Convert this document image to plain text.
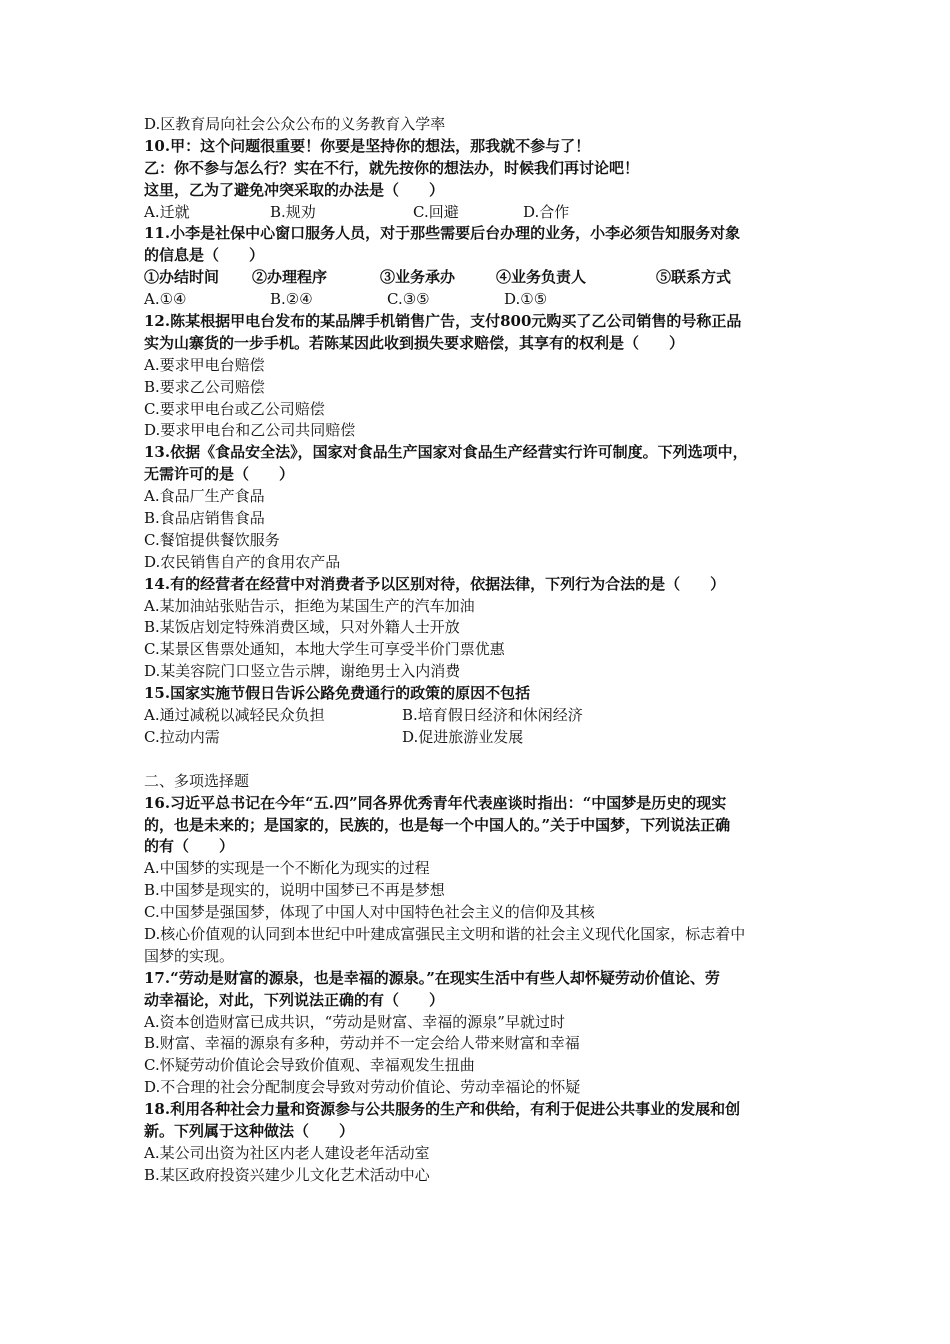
D.区教育局向社会公众公布的义务教育入学率
10.甲：这个问题很重要！你要是坚持你的想法，那我就不参与了！
乙：你不参与怎么行？实在不行，就先按你的想法办，时候我们再讨论吧！
这里，乙为了避免冲突采取的办法是（　　）
A.迁就	B.规劝	C.回避	D.合作
11.小李是社保中心窗口服务人员，对于那些需要后台办理的业务，小李必须告知服务对象
的信息是（　　）
①办结时间	②办理程序	③业务承办	④业务负责人	⑤联系方式
A.①④	B.②④	C.③⑤	D.①⑤
12.陈某根据甲电台发布的某品牌手机销售广告，支付800元购买了乙公司销售的号称正品
实为山寨货的一步手机。若陈某因此收到损失要求赔偿，其享有的权利是（　　）
A.要求甲电台赔偿
B.要求乙公司赔偿
C.要求甲电台或乙公司赔偿
D.要求甲电台和乙公司共同赔偿
13.依据《食品安全法》，国家对食品生产国家对食品生产经营实行许可制度。下列选项中，
无需许可的是（　　）
A.食品厂生产食品
B.食品店销售食品
C.餐馆提供餐饮服务
D.农民销售自产的食用农产品
14.有的经营者在经营中对消费者予以区别对待，依据法律，下列行为合法的是（　　）
A.某加油站张贴告示，拒绝为某国生产的汽车加油
B.某饭店划定特殊消费区域，只对外籍人士开放
C.某景区售票处通知，本地大学生可享受半价门票优惠
D.某美容院门口竖立告示牌，谢绝男士入内消费
15.国家实施节假日告诉公路免费通行的政策的原因不包括
A.通过减税以减轻民众负担	B.培育假日经济和休闲经济
C.拉动内需	D.促进旅游业发展
二、多项选择题
16.习近平总书记在今年“五.四”同各界优秀青年代表座谈时指出：“中国梦是历史的现实
的，也是未来的；是国家的，民族的，也是每一个中国人的。”关于中国梦，下列说法正确
的有（　　）
A.中国梦的实现是一个不断化为现实的过程
B.中国梦是现实的，说明中国梦已不再是梦想
C.中国梦是强国梦，体现了中国人对中国特色社会主义的信仰及其核
D.核心价值观的认同到本世纪中叶建成富强民主文明和谐的社会主义现代化国家，标志着中
国梦的实现。
17.“劳动是财富的源泉，也是幸福的源泉。”在现实生活中有些人却怀疑劳动价值论、劳
动幸福论，对此，下列说法正确的有（　　）
A.资本创造财富已成共识，“劳动是财富、幸福的源泉”早就过时
B.财富、幸福的源泉有多种，劳动并不一定会给人带来财富和幸福
C.怀疑劳动价值论会导致价值观、幸福观发生扭曲
D.不合理的社会分配制度会导致对劳动价值论、劳动幸福论的怀疑
18.利用各种社会力量和资源参与公共服务的生产和供给，有利于促进公共事业的发展和创
新。下列属于这种做法（　　）
A.某公司出资为社区内老人建设老年活动室
B.某区政府投资兴建少儿文化艺术活动中心
